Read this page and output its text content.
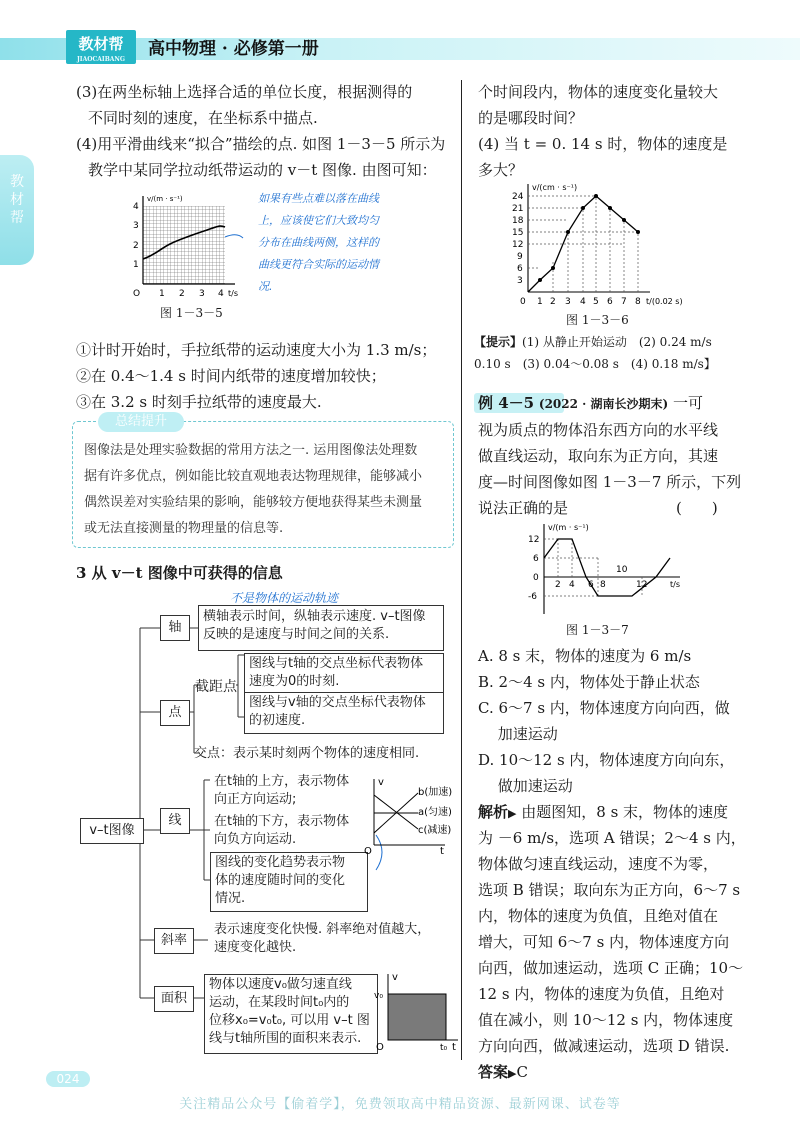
教材帮
JIAOCAIBANG
高中物理 · 必修第一册
教材帮
(3)在两坐标轴上选择合适的单位长度，根据测得的
不同时刻的速度，在坐标系中描点.
(4)用平滑曲线来“拟合”描绘的点. 如图 1－3－5 所示为
教学中某同学拉动纸带运动的 v－t 图像. 由图可知：
v/(m · s⁻¹)
4
3
2
1
O 1 2 3 4 t/s
图 1－3－5
如果有些点难以落在曲线
上，应该使它们大致均匀
分布在曲线两侧，这样的
曲线更符合实际的运动情
况.
①计时开始时，手拉纸带的运动速度大小为 1.3 m/s；
②在 0.4～1.4 s 时间内纸带的速度增加较快；
③在 3.2 s 时刻手拉纸带的速度最大.
总结提升
图像法是处理实验数据的常用方法之一. 运用图像法处理数
据有许多优点，例如能比较直观地表达物理规律，能够减小
偶然误差对实验结果的影响，能够较方便地获得某些未测量
或无法直接测量的物理量的信息等.
3 从 v－t 图像中可获得的信息
v–t图像
轴
不是物体的运动轨迹
横轴表示时间，纵轴表示速度. v–t图像
反映的是速度与时间之间的关系.
点
截距点
图线与t轴的交点坐标代表物体
速度为0的时刻.
图线与v轴的交点坐标代表物体
的初速度.
交点：表示某时刻两个物体的速度相同.
线
在t轴的上方，表示物体
向正方向运动;
在t轴的下方，表示物体
向负方向运动.
图线的变化趋势表示物
体的速度随时间的变化
情况.
v
t
O
b(加速)
a(匀速)
c(减速)
斜率
表示速度变化快慢. 斜率绝对值越大，
速度变化越快.
面积
物体以速度v₀做匀速直线
运动，在某段时间t₀内的
位移x₀=v₀t₀, 可以用 v–t 图
线与t轴所围的面积来表示.
v
v₀
O	t₀ t
个时间段内，物体的速度变化量较大
的是哪段时间？
(4) 当 t = 0. 14 s 时，物体的速度是
多大？
v/(cm · s⁻¹)
24
21
18
15
12
9
6
3
0 1 2 3 4 5 6 7 8 t/(0.02 s)
图 1－3－6
【提示】(1) 从静止开始运动　(2) 0.24 m/s
0.10 s　(3) 0.04～0.08 s　(4) 0.18 m/s】
例 4－5 (2022 · 湖南长沙期末) 一可
视为质点的物体沿东西方向的水平线
做直线运动，取向东为正方向，其速
度—时间图像如图 1－3－7 所示，下列
说法正确的是	(　　)
v/(m · s⁻¹)
12
6
0
-6
2 4 6 8
10
12	t/s
图 1－3－7
A. 8 s 末，物体的速度为 6 m/s
B. 2～4 s 内，物体处于静止状态
C. 6～7 s 内，物体速度方向向西，做
　 加速运动
D. 10～12 s 内，物体速度方向向东，
　 做加速运动
解析▶ 由题图知，8 s 末，物体的速度
为 －6 m/s，选项 A 错误；2～4 s 内，
物体做匀速直线运动，速度不为零，
选项 B 错误；取向东为正方向，6～7 s
内，物体的速度为负值，且绝对值在
增大，可知 6～7 s 内，物体速度方向
向西，做加速运动，选项 C 正确；10～
12 s 内，物体的速度为负值，且绝对
值在减小，则 10～12 s 内，物体速度
方向向西，做减速运动，选项 D 错误.
答案▶C
024
关注精品公众号【偷着学】，免费领取高中精品资源、最新网课、试卷等
